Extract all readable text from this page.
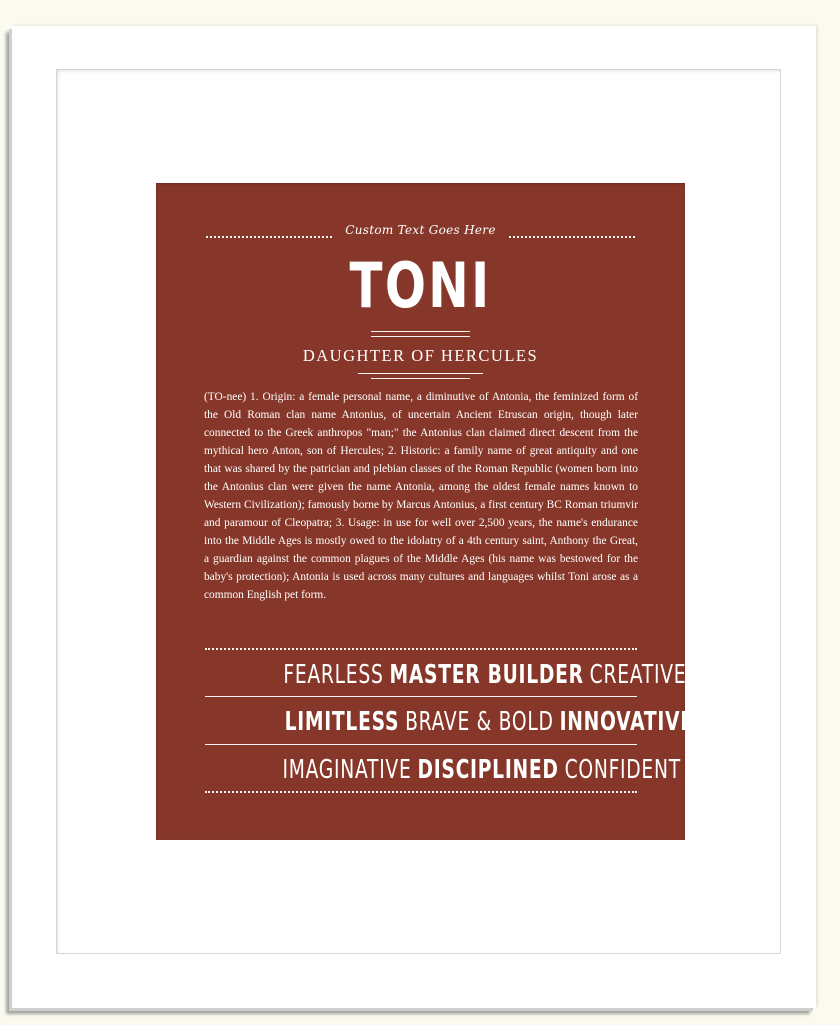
Custom Text Goes Here
TONI
DAUGHTER OF HERCULES

(TO-nee) 1. Origin: a female personal name, a diminutive of Antonia, the feminized form of the Old Roman clan name Antonius, of uncertain Ancient Etruscan origin, though later connected to the Greek anthropos "man;" the Antonius clan claimed direct descent from the mythical hero Anton, son of Hercules; 2. Historic: a family name of great antiquity and one that was shared by the patrician and plebian classes of the Roman Republic (women born into the Antonius clan were given the name Antonia, among the oldest female names known to Western Civilization); famously borne by Marcus Antonius, a first century BC Roman triumvir and paramour of Cleopatra; 3. Usage: in use for well over 2,500 years, the name's endurance into the Middle Ages is mostly owed to the idolatry of a 4th century saint, Anthony the Great, a guardian against the common plagues of the Middle Ages (his name was bestowed for the baby's protection); Antonia is used across many cultures and languages whilst Toni arose as a common English pet form.

FEARLESS MASTER BUILDER CREATIVE
LIMITLESS BRAVE & BOLD INNOVATIVE
IMAGINATIVE DISCIPLINED CONFIDENT
